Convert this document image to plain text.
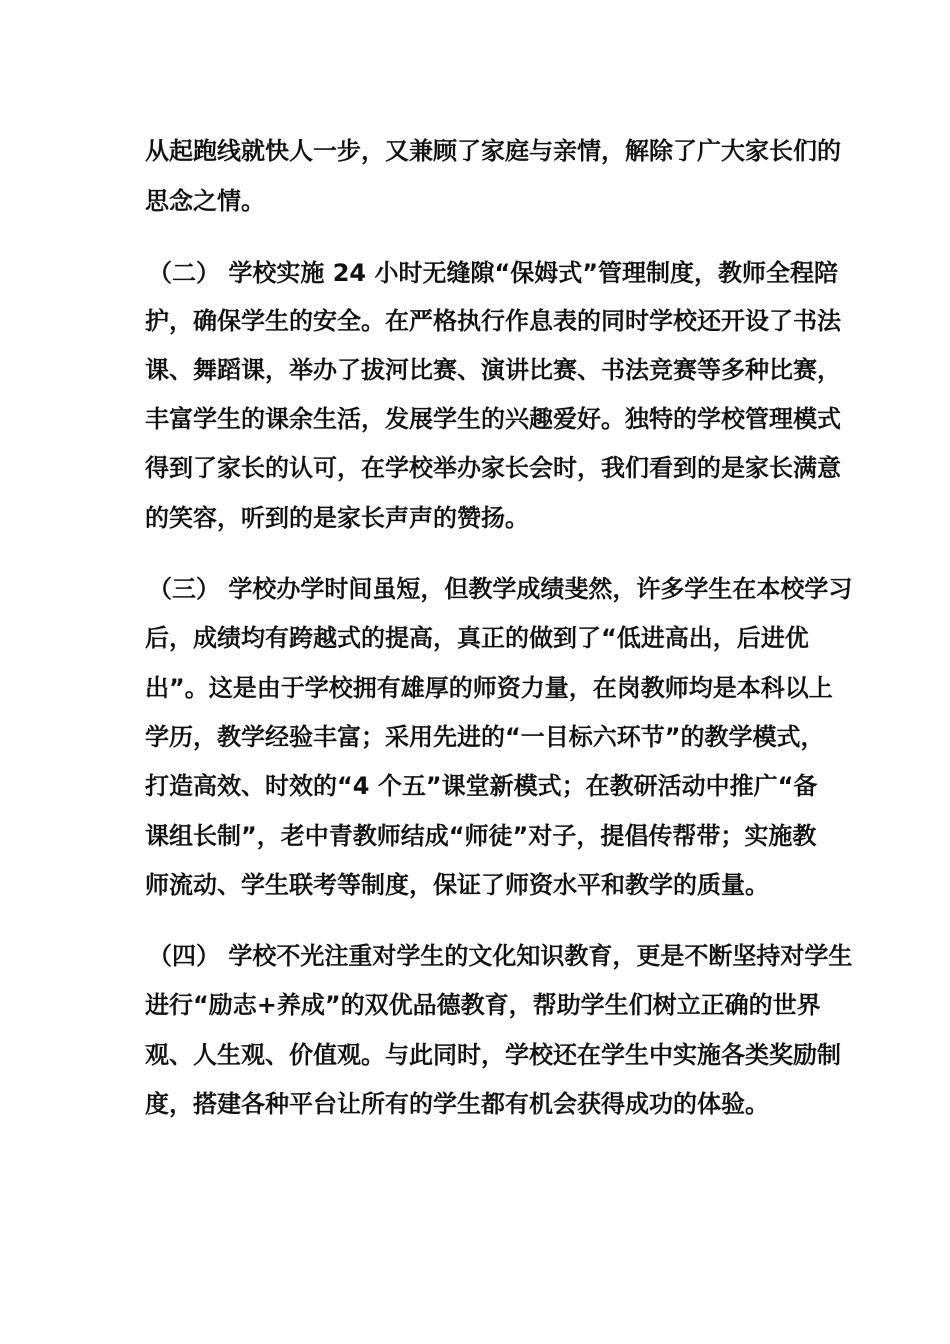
从起跑线就快人一步，又兼顾了家庭与亲情，解除了广大家长们的

思念之情。

（二） 学校实施 24 小时无缝隙“保姆式”管理制度，教师全程陪

护，确保学生的安全。在严格执行作息表的同时学校还开设了书法

课、舞蹈课，举办了拔河比赛、演讲比赛、书法竞赛等多种比赛，

丰富学生的课余生活，发展学生的兴趣爱好。独特的学校管理模式

得到了家长的认可，在学校举办家长会时，我们看到的是家长满意

的笑容，听到的是家长声声的赞扬。

（三） 学校办学时间虽短，但教学成绩斐然，许多学生在本校学习

后，成绩均有跨越式的提高，真正的做到了“低进高出，后进优

出”。这是由于学校拥有雄厚的师资力量，在岗教师均是本科以上

学历，教学经验丰富；采用先进的“一目标六环节”的教学模式，

打造高效、时效的“4 个五”课堂新模式；在教研活动中推广“备

课组长制”，老中青教师结成“师徒”对子，提倡传帮带；实施教

师流动、学生联考等制度，保证了师资水平和教学的质量。

（四） 学校不光注重对学生的文化知识教育，更是不断坚持对学生

进行“励志+养成”的双优品德教育，帮助学生们树立正确的世界

观、人生观、价值观。与此同时，学校还在学生中实施各类奖励制

度，搭建各种平台让所有的学生都有机会获得成功的体验。
